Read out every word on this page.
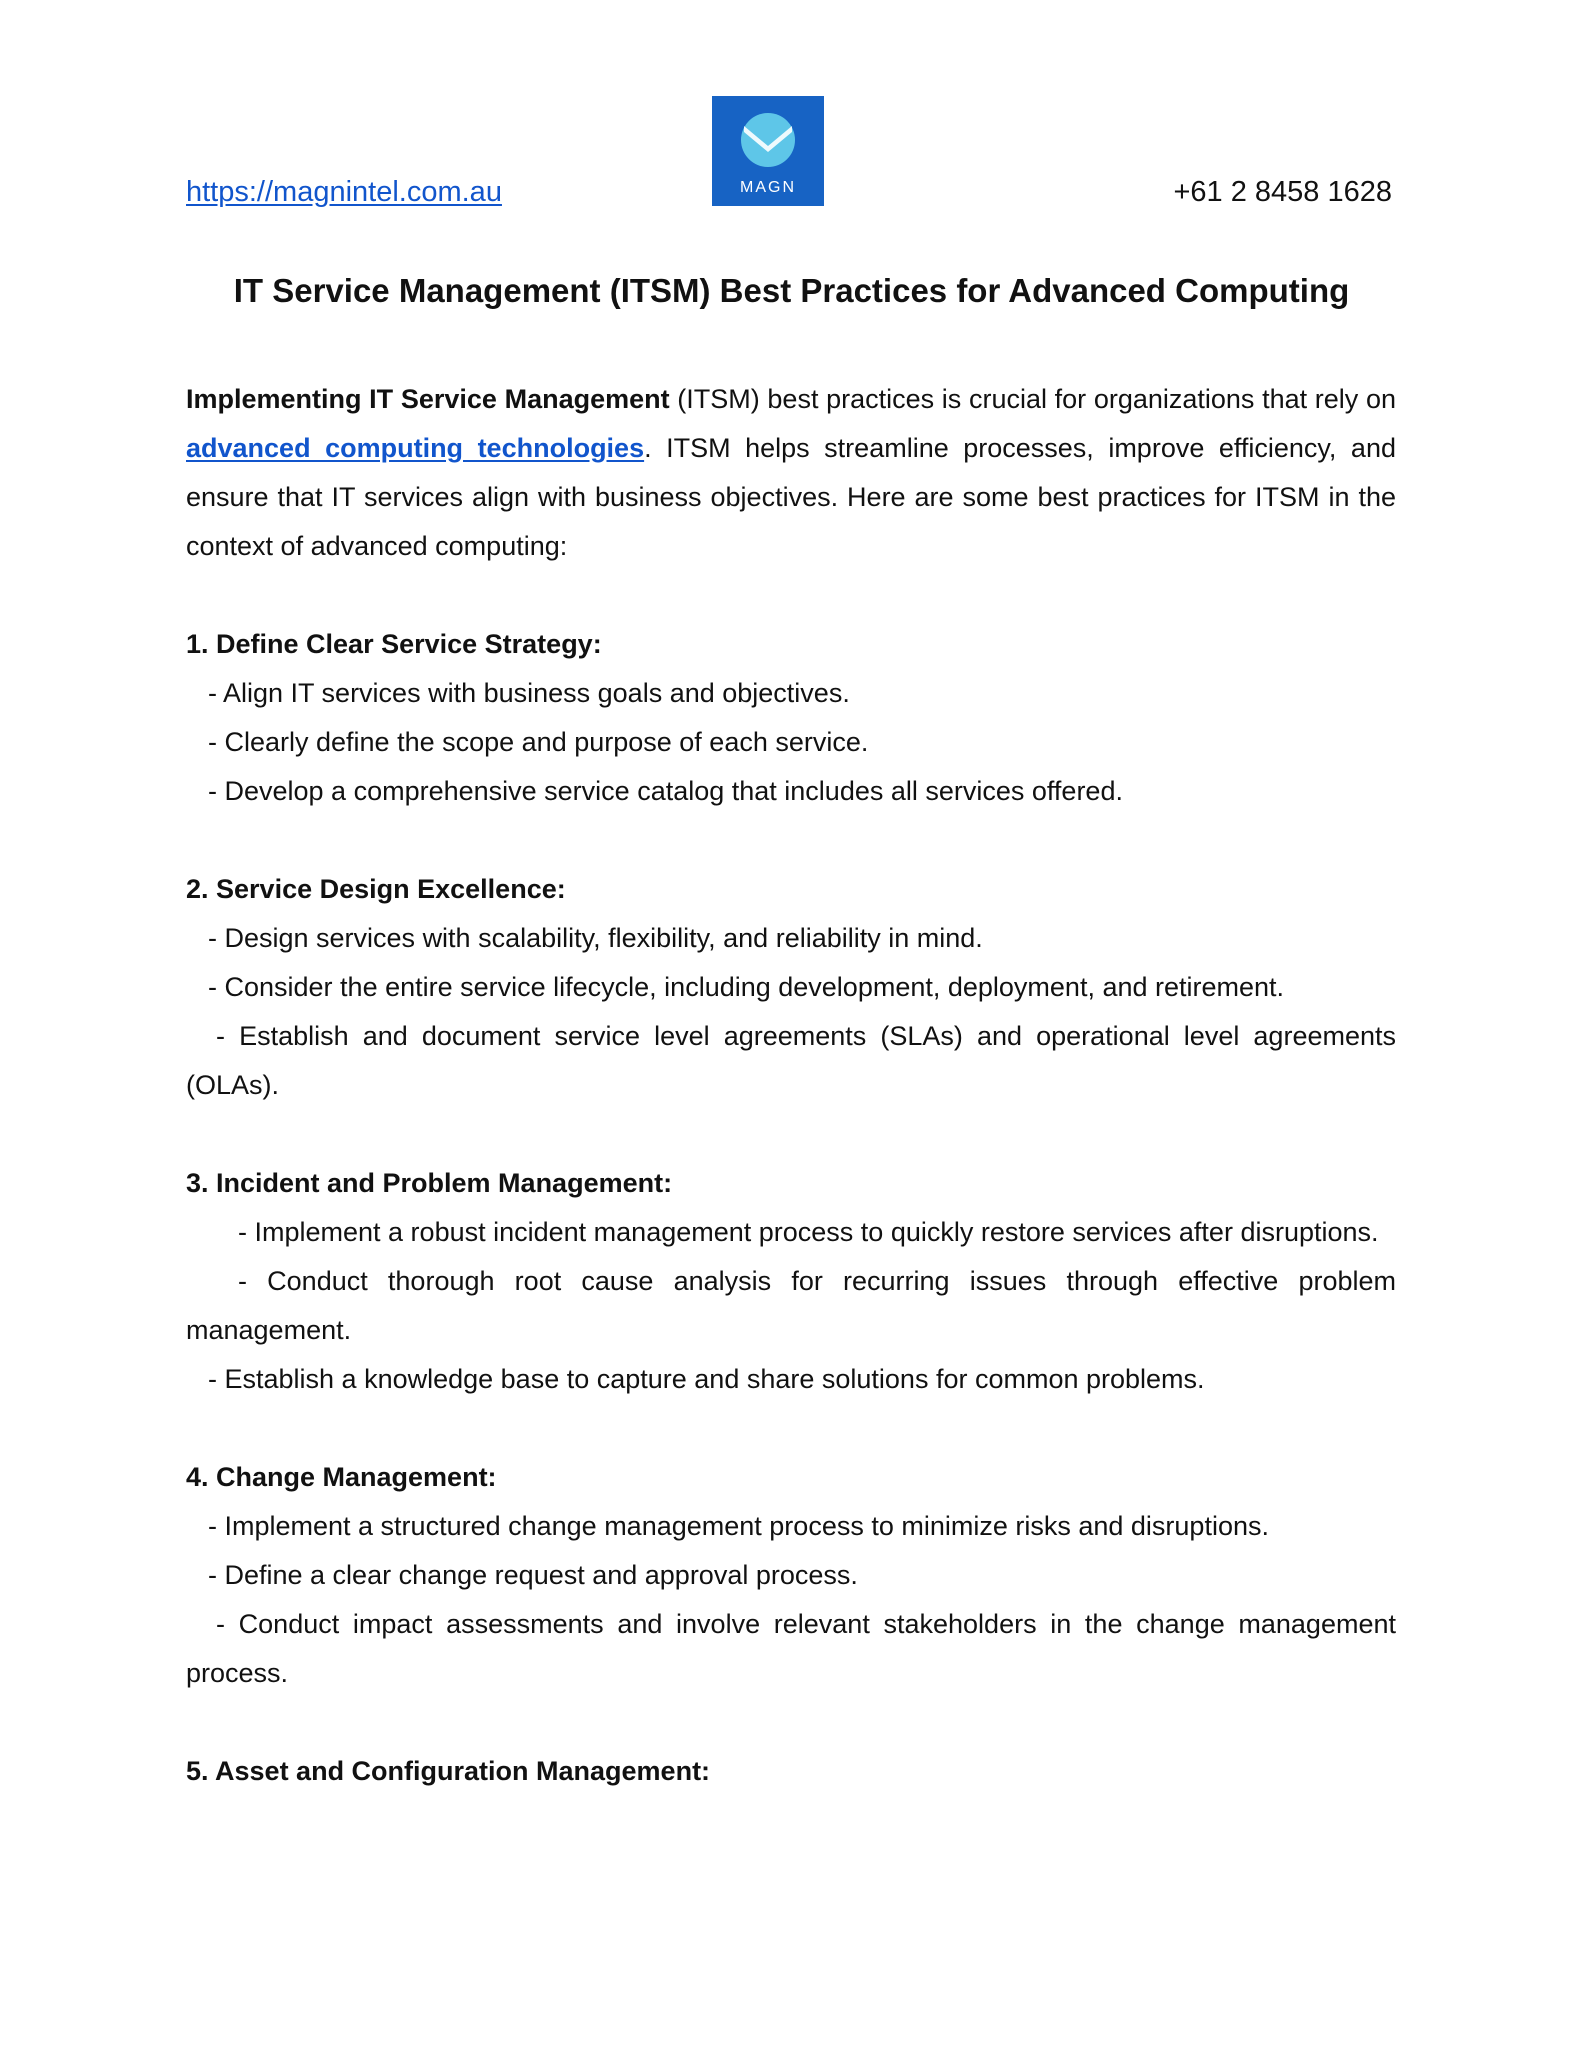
https://magnintel.com.au	MAGN	+61 2 8458 1628
IT Service Management (ITSM) Best Practices for Advanced Computing

Implementing IT Service Management (ITSM) best practices is crucial for organizations that rely on advanced computing technologies. ITSM helps streamline processes, improve efficiency, and ensure that IT services align with business objectives. Here are some best practices for ITSM in the context of advanced computing:

1. Define Clear Service Strategy:

- Align IT services with business goals and objectives.

- Clearly define the scope and purpose of each service.

- Develop a comprehensive service catalog that includes all services offered.

2. Service Design Excellence:

- Design services with scalability, flexibility, and reliability in mind.

- Consider the entire service lifecycle, including development, deployment, and retirement.

- Establish and document service level agreements (SLAs) and operational level agreements (OLAs).

3. Incident and Problem Management:

- Implement a robust incident management process to quickly restore services after disruptions.

- Conduct thorough root cause analysis for recurring issues through effective problem management.

- Establish a knowledge base to capture and share solutions for common problems.

4. Change Management:

- Implement a structured change management process to minimize risks and disruptions.

- Define a clear change request and approval process.

- Conduct impact assessments and involve relevant stakeholders in the change management process.

5. Asset and Configuration Management:
